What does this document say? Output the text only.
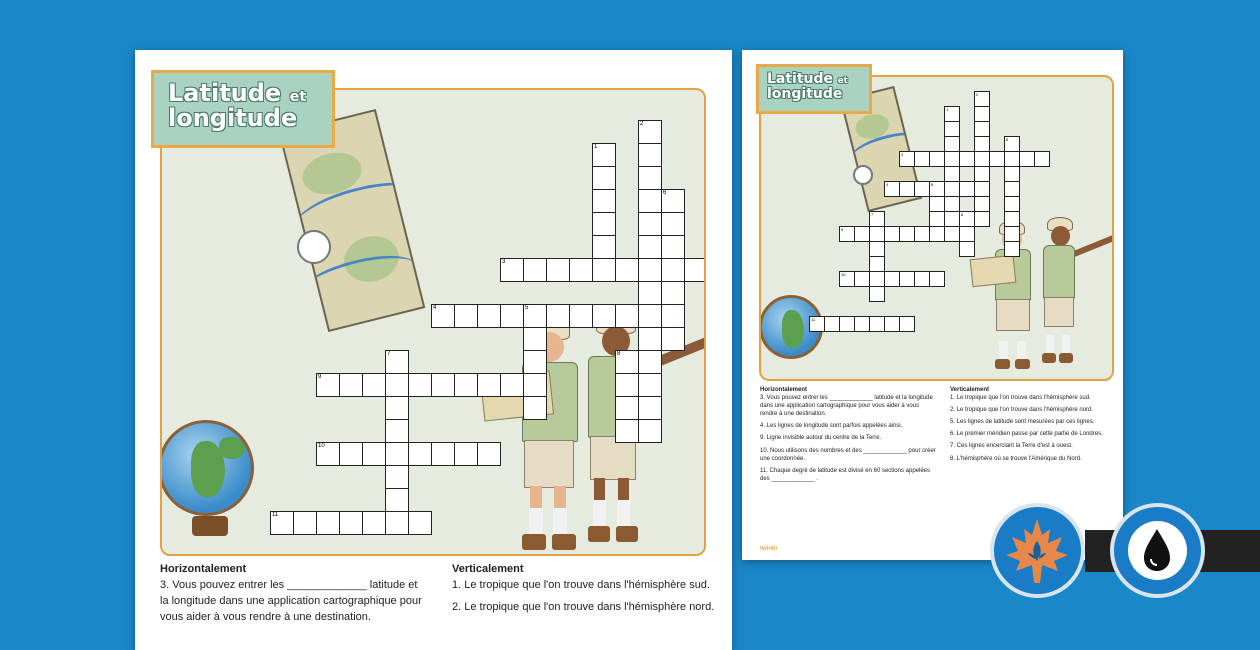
1
2
3
4	5
6
7	8
9
10
11
Latitude et
longitude
Horizontalement
3. Vous pouvez entrer les _____________ latitude et la longitude dans une application cartographique pour vous aider à vous rendre à une destination.
Verticalement
1. Le tropique que l'on trouve dans l'hémisphère sud.
2. Le tropique que l'on trouve dans l'hémisphère nord.
1
2
3
4	5
6
7	8
9
10
11
Latitude et
longitude
Horizontalement
3. Vous pouvez entrer les _____________ latitude et la longitude dans une application cartographique pour vous aider à vous rendre à une destination.
4. Les lignes de longitude sont parfois appelées ainsi.
9. Ligne invisible autour du centre de la Terre.
10. Nous utilisons des nombres et des _____________ pour créer une coordonnée.
11. Chaque degré de latitude est divisé en 60 sections appelées des _____________ .
Verticalement
1. Le tropique que l'on trouve dans l'hémisphère sud.
2. Le tropique que l'on trouve dans l'hémisphère nord.
5. Les lignes de latitude sont mesurées par ces lignes.
6. Le premier méridien passe par cette partie de Londres.
7. Ces lignes encerclant la Terre d'est à ouest.
8. L'hémisphère où se trouve l'Amérique du Nord.
twinkl
